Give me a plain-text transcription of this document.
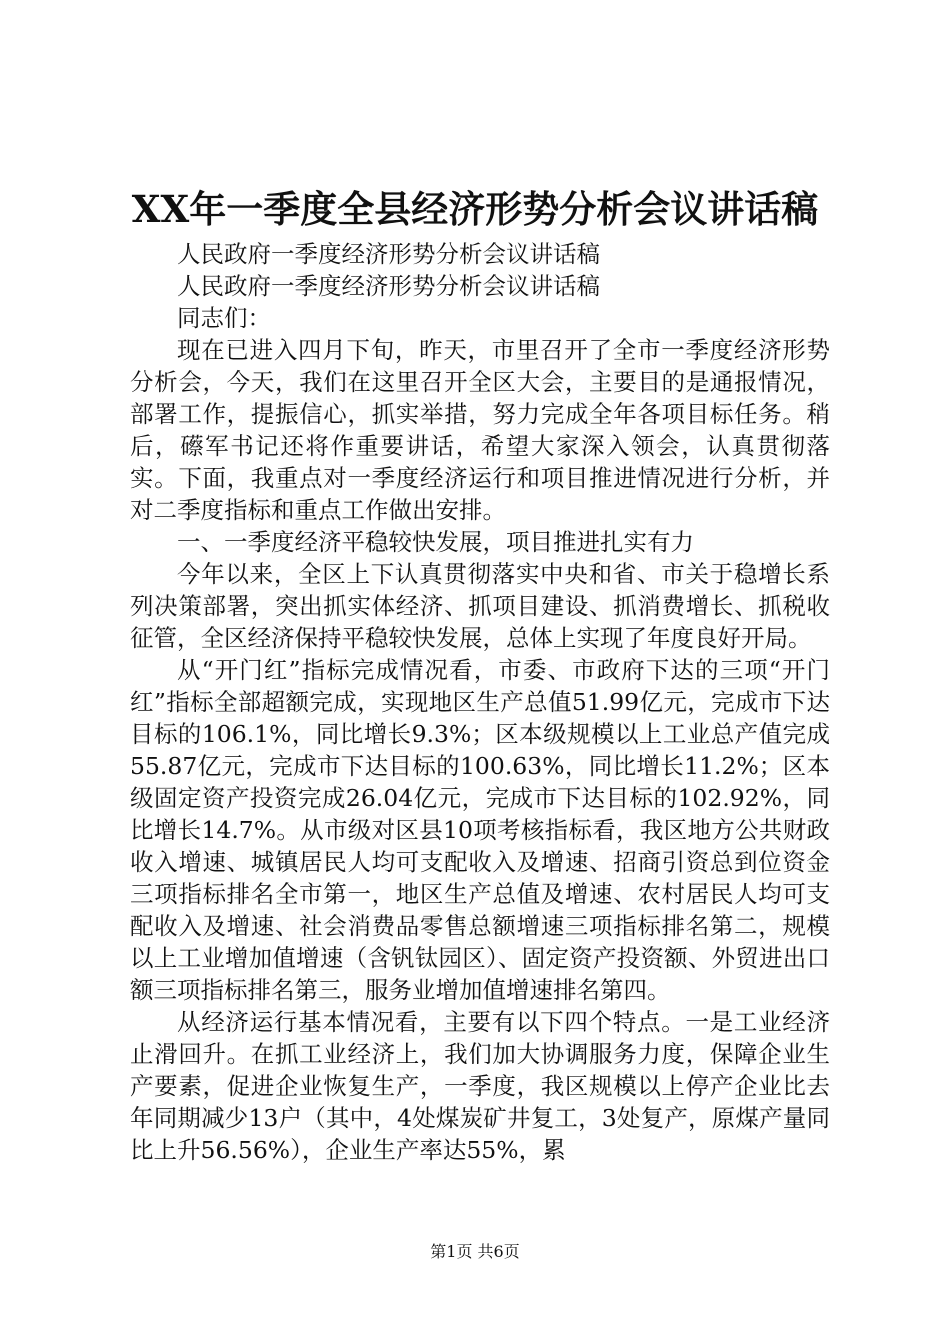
XX年一季度全县经济形势分析会议讲话稿

人民政府一季度经济形势分析会议讲话稿

人民政府一季度经济形势分析会议讲话稿

同志们：

现在已进入四月下旬，昨天，市里召开了全市一季度经济形势分析会，今天，我们在这里召开全区大会，主要目的是通报情况，部署工作，提振信心，抓实举措，努力完成全年各项目标任务。稍后，礤军书记还将作重要讲话，希望大家深入领会，认真贯彻落实。下面，我重点对一季度经济运行和项目推进情况进行分析，并对二季度指标和重点工作做出安排。

一、一季度经济平稳较快发展，项目推进扎实有力

今年以来，全区上下认真贯彻落实中央和省、市关于稳增长系列决策部署，突出抓实体经济、抓项目建设、抓消费增长、抓税收征管，全区经济保持平稳较快发展，总体上实现了年度良好开局。

从“开门红”指标完成情况看，市委、市政府下达的三项“开门红”指标全部超额完成，实现地区生产总值51.99亿元，完成市下达目标的106.1%，同比增长9.3%；区本级规模以上工业总产值完成55.87亿元，完成市下达目标的100.63%，同比增长11.2%；区本级固定资产投资完成26.04亿元，完成市下达目标的102.92%，同比增长14.7%。从市级对区县10项考核指标看，我区地方公共财政收入增速、城镇居民人均可支配收入及增速、招商引资总到位资金三项指标排名全市第一，地区生产总值及增速、农村居民人均可支配收入及增速、社会消费品零售总额增速三项指标排名第二，规模以上工业增加值增速（含钒钛园区）、固定资产投资额、外贸进出口额三项指标排名第三，服务业增加值增速排名第四。

从经济运行基本情况看，主要有以下四个特点。一是工业经济止滑回升。在抓工业经济上，我们加大协调服务力度，保障企业生产要素，促进企业恢复生产，一季度，我区规模以上停产企业比去年同期减少13户（其中，4处煤炭矿井复工，3处复产，原煤产量同比上升56.56%），企业生产率达55%，累

第1页 共6页
